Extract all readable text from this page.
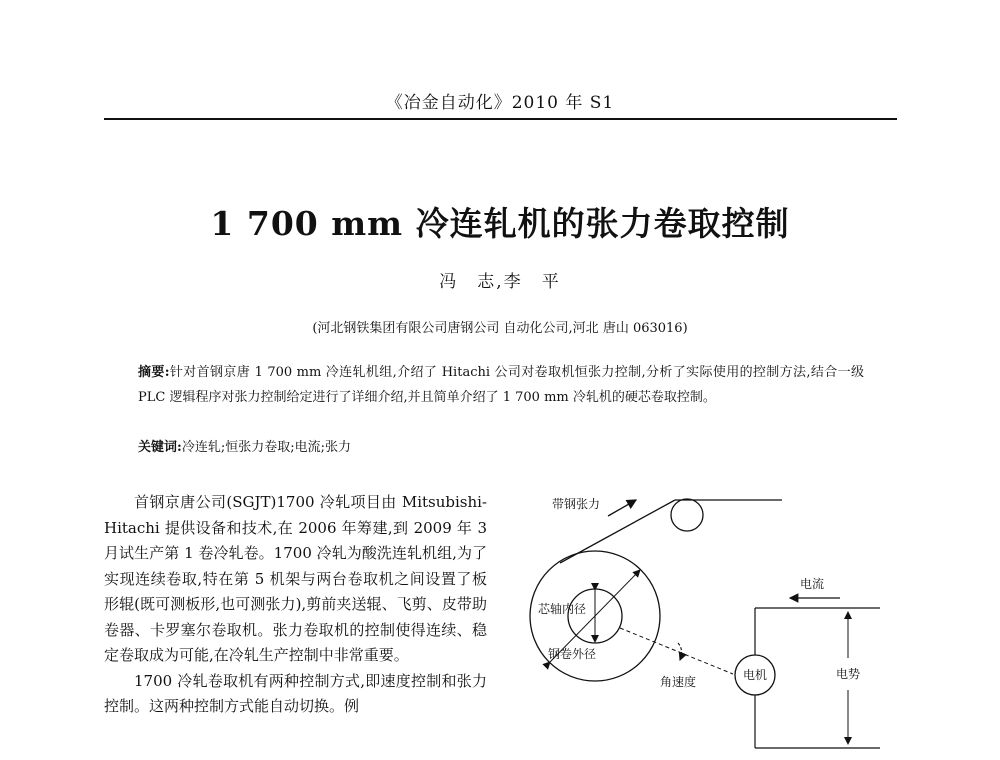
《冶金自动化》2010 年 S1
1 700 mm 冷连轧机的张力卷取控制
冯　志,李　平
(河北钢铁集团有限公司唐钢公司 自动化公司,河北 唐山 063016)
摘要:针对首钢京唐 1 700 mm 冷连轧机组,介绍了 Hitachi 公司对卷取机恒张力控制,分析了实际使用的控制方法,结合一级 PLC 逻辑程序对张力控制给定进行了详细介绍,并且简单介绍了 1 700 mm 冷轧机的硬芯卷取控制。
关键词:冷连轧;恒张力卷取;电流;张力

首钢京唐公司(SGJT)1700 冷轧项目由 Mitsubishi-Hitachi 提供设备和技术,在 2006 年筹建,到 2009 年 3 月试生产第 1 卷冷轧卷。1700 冷轧为酸洗连轧机组,为了实现连续卷取,特在第 5 机架与两台卷取机之间设置了板形辊(既可测板形,也可测张力),剪前夹送辊、飞剪、皮带助卷器、卡罗塞尔卷取机。张力卷取机的控制使得连续、稳定卷取成为可能,在冷轧生产控制中非常重要。

1700 冷轧卷取机有两种控制方式,即速度控制和张力控制。这两种控制方式能自动切换。例

带钢张力
芯轴内径
钢卷外径
角速度	电机
电流
电势
